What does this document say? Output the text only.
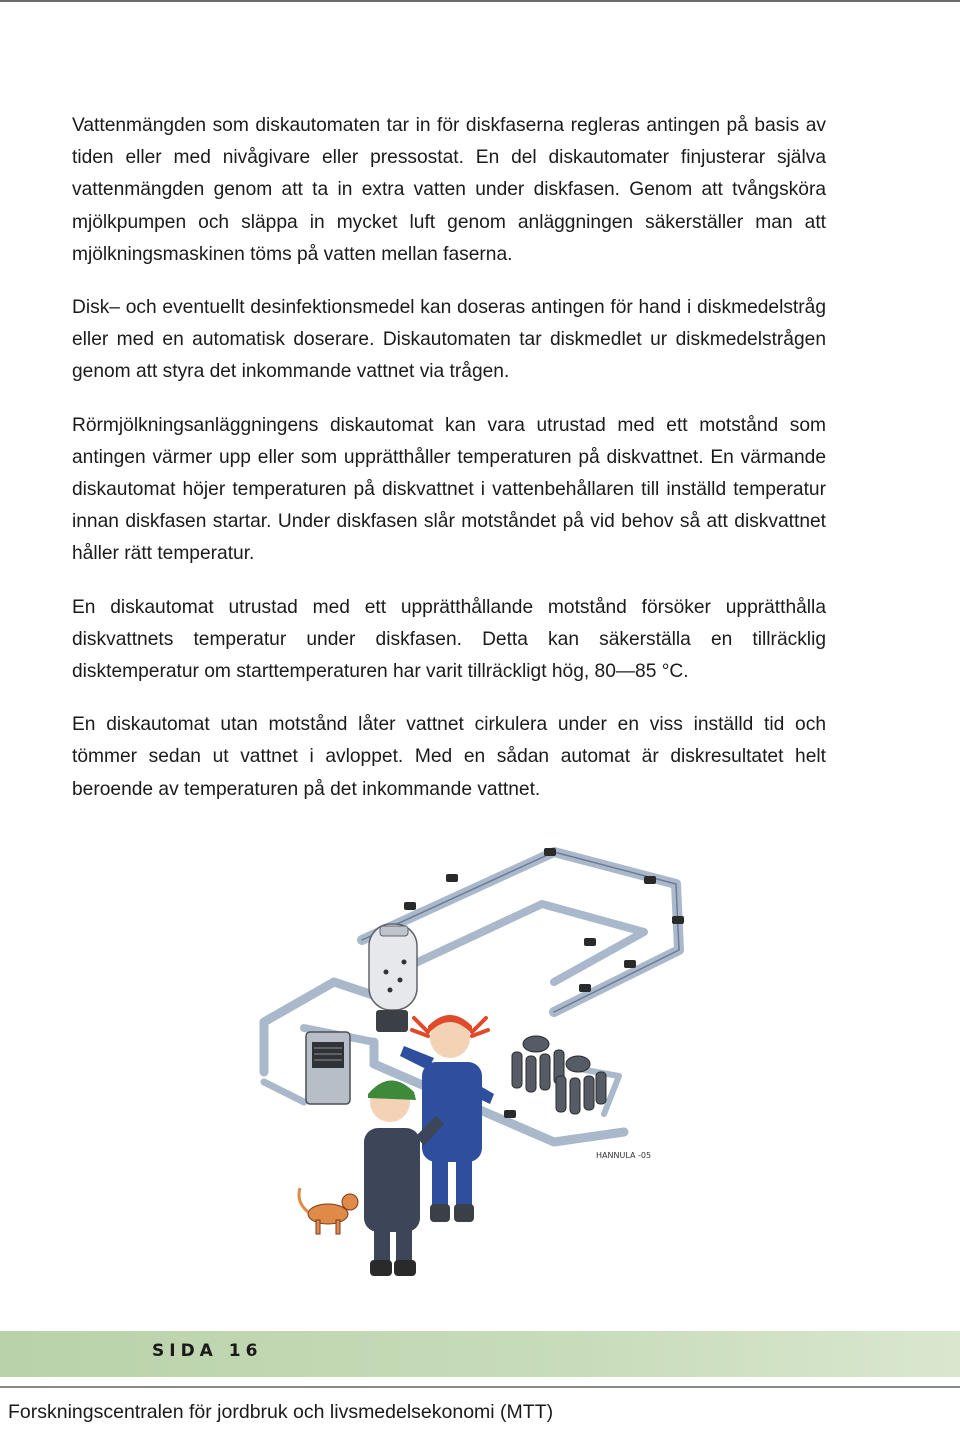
Vattenmängden som diskautomaten tar in för diskfaserna regleras antingen på basis av tiden eller med nivågivare eller pressostat. En del diskautomater finjusterar själva vattenmängden genom att ta in extra vatten under diskfasen. Genom att tvångsköra mjölkpumpen och släppa in mycket luft genom anläggningen säkerställer man att mjölkningsmaskinen töms på vatten mellan faserna.

Disk– och eventuellt desinfektionsmedel kan doseras antingen för hand i diskmedelstråg eller med en automatisk doserare. Diskautomaten tar diskmedlet ur diskmedelstrågen genom att styra det inkommande vattnet via trågen.

Rörmjölkningsanläggningens diskautomat kan vara utrustad med ett motstånd som antingen värmer upp eller som upprätthåller temperaturen på diskvattnet. En värmande diskautomat höjer temperaturen på diskvattnet i vattenbehållaren till inställd temperatur innan diskfasen startar. Under diskfasen slår motståndet på vid behov så att diskvattnet håller rätt temperatur.

En diskautomat utrustad med ett upprätthållande motstånd försöker upprätthålla diskvattnets temperatur under diskfasen. Detta kan säkerställa en tillräcklig disktemperatur om starttemperaturen har varit tillräckligt hög, 80—85 °C.

En diskautomat utan motstånd låter vattnet cirkulera under en viss inställd tid och tömmer sedan ut vattnet i avloppet. Med en sådan automat är diskresultatet helt beroende av temperaturen på det inkommande vattnet.

HANNULA -05
SIDA 16
Forskningscentralen för jordbruk och livsmedelsekonomi (MTT)
